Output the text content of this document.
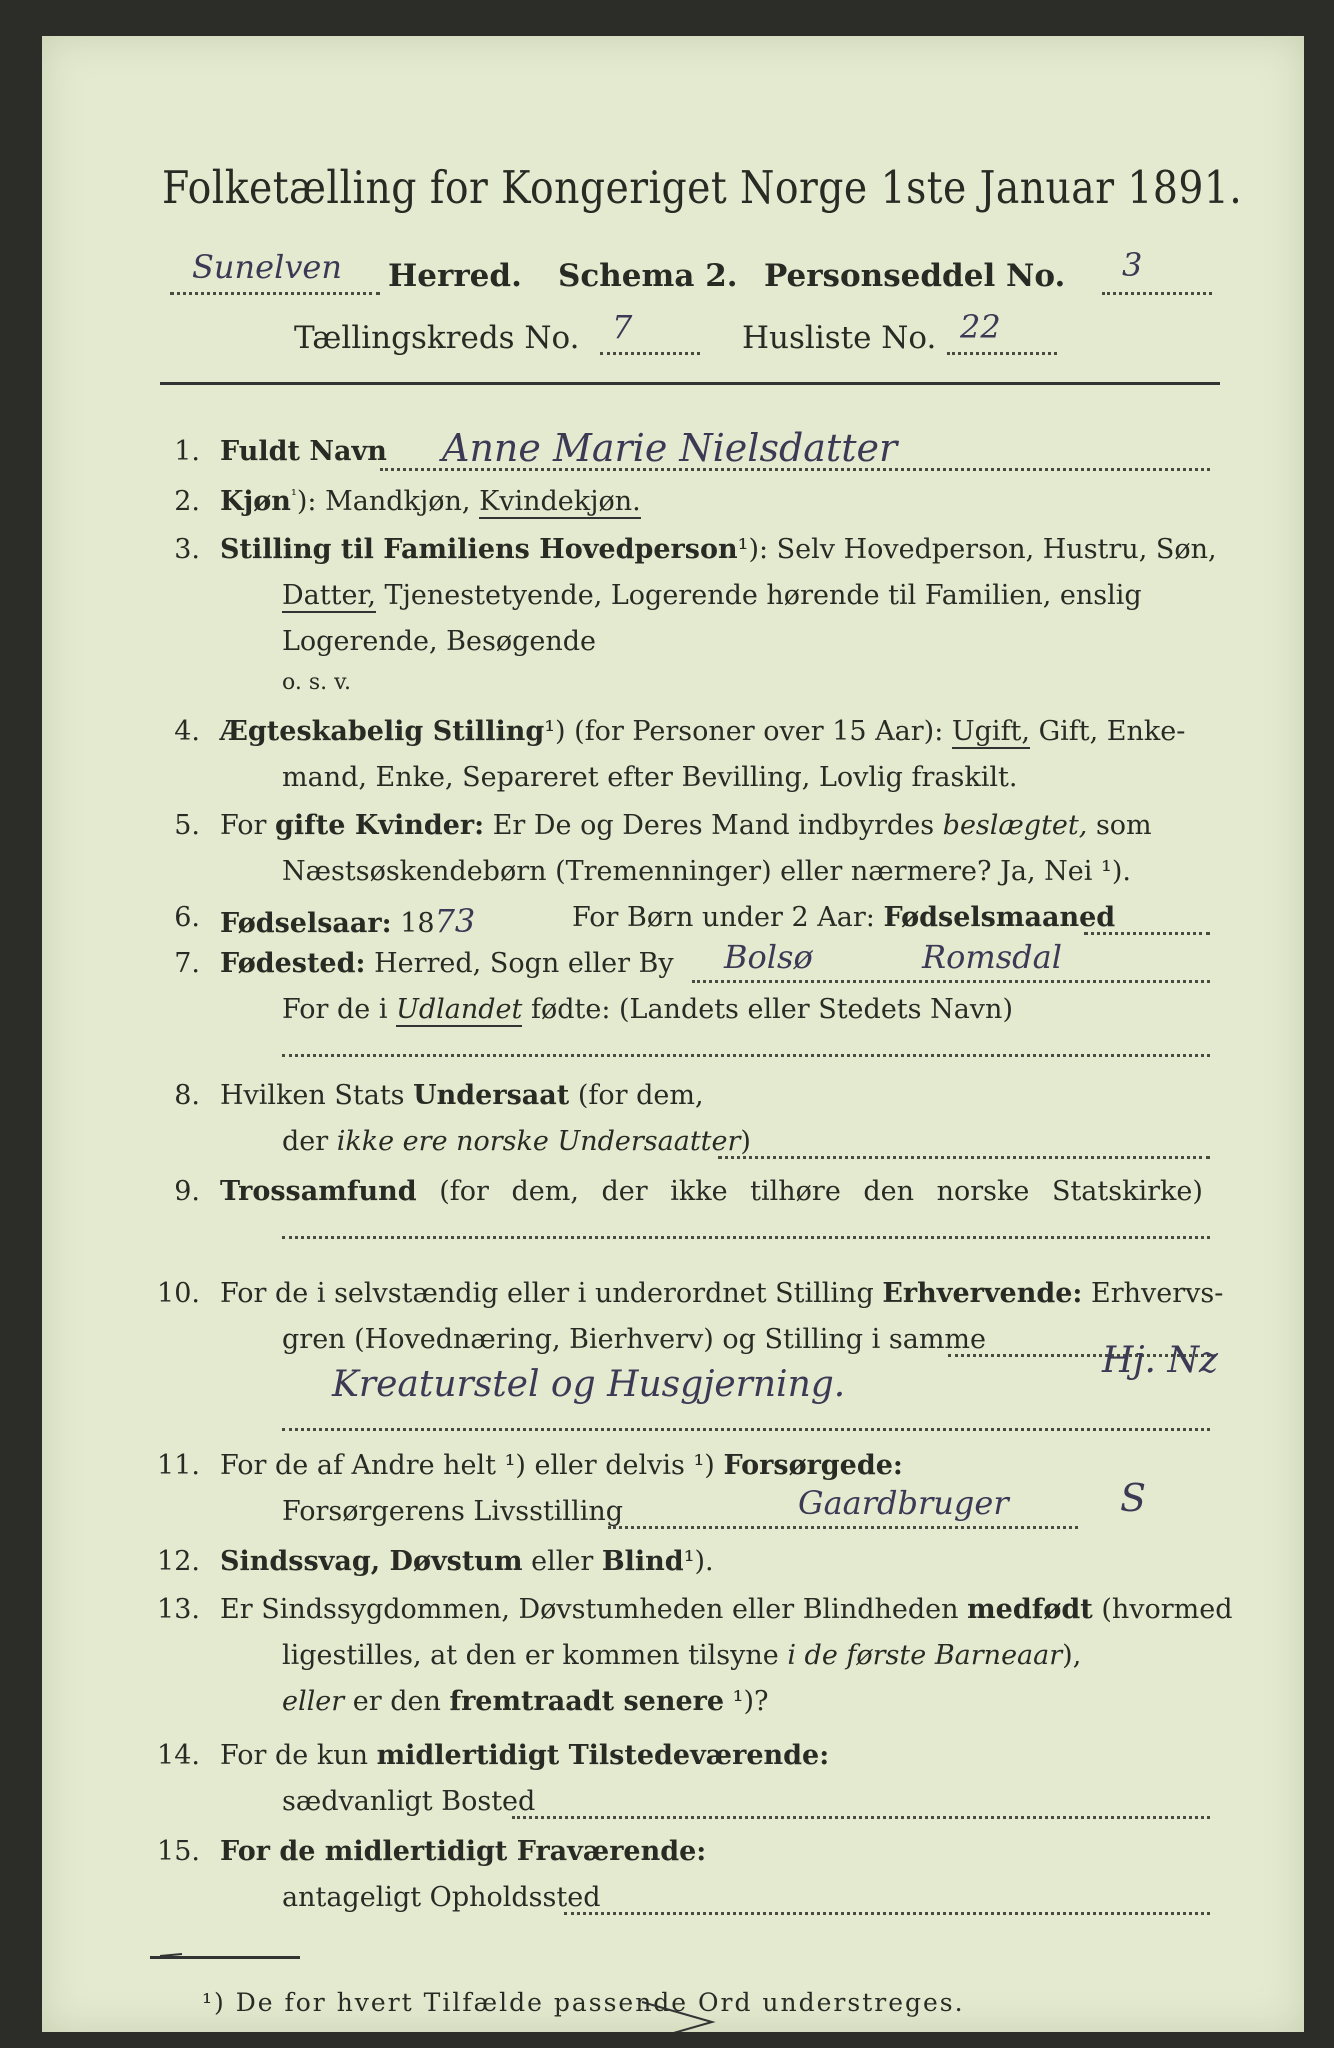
Folketælling for Kongeriget Norge 1ste Januar 1891.
Sunelven Herred. Schema 2. Personseddel No. 3
Tællingskreds No. 7	Husliste No. 22
1. Fuldt Navn Anne Marie Nielsdatter
2. Kjøn$^{^1}$): Mandkjøn, Kvindekjøn.
3. Stilling til Familiens Hovedperson¹): Selv Hovedperson, Hustru, Søn,
Datter, Tjenestetyende, Logerende hørende til Familien, enslig
Logerende, Besøgende
o. s. v.
4. Ægteskabelig Stilling¹) (for Personer over 15 Aar): Ugift, Gift, Enke-
mand, Enke, Separeret efter Bevilling, Lovlig fraskilt.
5. For gifte Kvinder: Er De og Deres Mand indbyrdes beslægtet, som
Næstsøskendebørn (Tremenninger) eller nærmere? Ja, Nei ¹).
6. Fødselsaar: 1873	For Børn under 2 Aar: Fødselsmaaned
7. Fødested: Herred, Sogn eller By Bolsø	Romsdal
For de i Udlandet fødte: (Landets eller Stedets Navn)
8. Hvilken Stats Undersaat (for dem,
der ikke ere norske Undersaatter)
9. Trossamfund (for dem, der ikke tilhøre den norske Statskirke)
10. For de i selvstændig eller i underordnet Stilling Erhvervende: Erhvervs-
gren (Hovednæring, Bierhverv) og Stilling i samme
Kreaturstel og Husgjerning.
Hj. Nz
11. For de af Andre helt ¹) eller delvis ¹) Forsørgede:
Forsørgerens Livsstilling	Gaardbruger	S
12. Sindssvag, Døvstum eller Blind¹).
13. Er Sindssygdommen, Døvstumheden eller Blindheden medfødt (hvormed
ligestilles, at den er kommen tilsyne i de første Barneaar),
eller er den fremtraadt senere ¹)?
14. For de kun midlertidigt Tilstedeværende:
sædvanligt Bosted
15. For de midlertidigt Fraværende:
antageligt Opholdssted
¹) De for hvert Tilfælde passende Ord understreges.
